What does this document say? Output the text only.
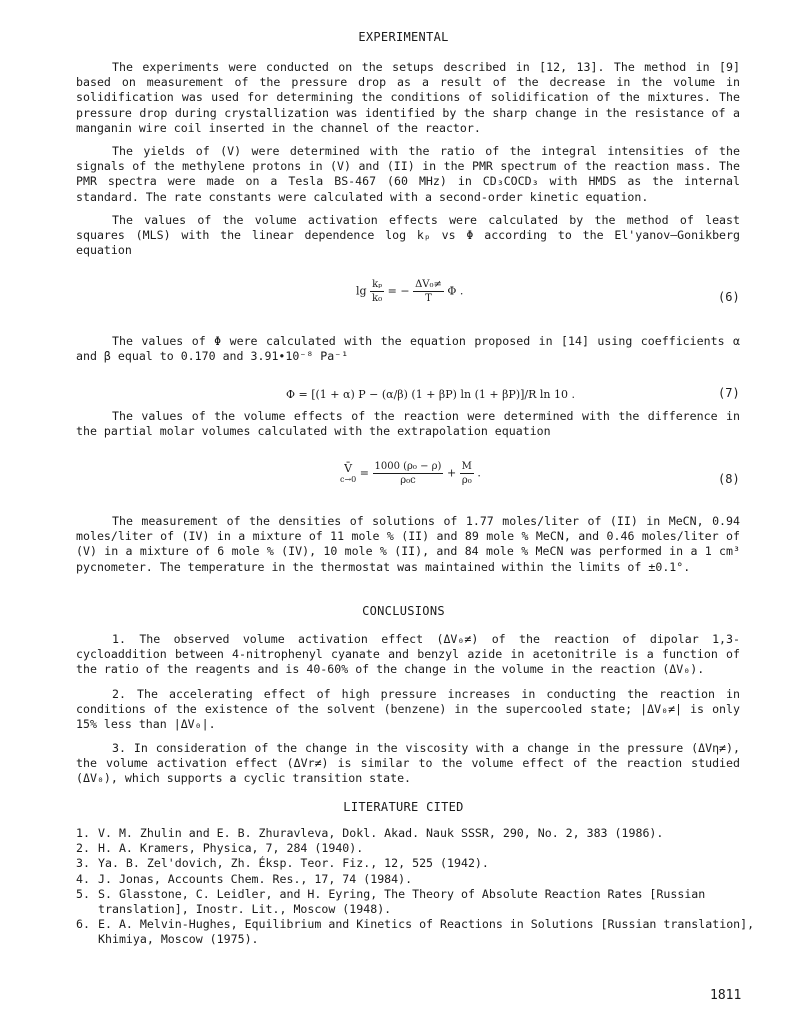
EXPERIMENTAL

The experiments were conducted on the setups described in [12, 13]. The method in [9] based on measurement of the pressure drop as a result of the decrease in the volume in solidification was used for determining the conditions of solidification of the mixtures. The pressure drop during crystallization was identified by the sharp change in the resistance of a manganin wire coil inserted in the channel of the reactor.

The yields of (V) were determined with the ratio of the integral intensities of the signals of the methylene protons in (V) and (II) in the PMR spectrum of the reaction mass. The PMR spectra were made on a Tesla BS-467 (60 MHz) in CD₃COCD₃ with HMDS as the internal standard. The rate constants were calculated with a second-order kinetic equation.

The values of the volume activation effects were calculated by the method of least squares (MLS) with the linear dependence log kₚ vs Φ according to the El'yanov–Gonikberg equation

$\lg \frac{\text{kₚ}}{\text{k₀}}$ = − $\frac{\text{ΔV₀≠}}{T}$ Φ .	(6)

The values of Φ were calculated with the equation proposed in [14] using coefficients α and β equal to 0.170 and 3.91•10⁻⁸ Pa⁻¹

Φ = [(1 + α) P − (α/β) (1 + βP) ln (1 + βP)]/R ln 10 .	(7)

The values of the volume effects of the reaction were determined with the difference in the partial molar volumes calculated with the extrapolation equation

V̄
$c\to 0 = \frac{\text{1000 (ρ₀ − ρ)}}{\text{ρ₀c}} + \frac{M}{\text{ρ₀}}$ .	(8)

The measurement of the densities of solutions of 1.77 moles/liter of (II) in MeCN, 0.94 moles/liter of (IV) in a mixture of 11 mole % (II) and 89 mole % MeCN, and 0.46 moles/liter of (V) in a mixture of 6 mole % (IV), 10 mole % (II), and 84 mole % MeCN was performed in a 1 cm³ pycnometer. The temperature in the thermostat was maintained within the limits of ±0.1°.

CONCLUSIONS

1. The observed volume activation effect (ΔV₀≠) of the reaction of dipolar 1,3-cycloaddition between 4-nitrophenyl cyanate and benzyl azide in acetonitrile is a function of the ratio of the reagents and is 40-60% of the change in the volume in the reaction (ΔV₀).

2. The accelerating effect of high pressure increases in conducting the reaction in conditions of the existence of the solvent (benzene) in the supercooled state; |ΔV₀≠| is only 15% less than |ΔV₀|.

3. In consideration of the change in the viscosity with a change in the pressure (ΔVη≠), the volume activation effect (ΔVr≠) is similar to the volume effect of the reaction studied (ΔV₀), which supports a cyclic transition state.

LITERATURE CITED
1. V. M. Zhulin and E. B. Zhuravleva, Dokl. Akad. Nauk SSSR, 290, No. 2, 383 (1986).
2. H. A. Kramers, Physica, 7, 284 (1940).
3. Ya. B. Zel'dovich, Zh. Éksp. Teor. Fiz., 12, 525 (1942).
4. J. Jonas, Accounts Chem. Res., 17, 74 (1984).
5. S. Glasstone, C. Leidler, and H. Eyring, The Theory of Absolute Reaction Rates [Russian translation], Inostr. Lit., Moscow (1948).
6. E. A. Melvin-Hughes, Equilibrium and Kinetics of Reactions in Solutions [Russian translation], Khimiya, Moscow (1975).
1811
